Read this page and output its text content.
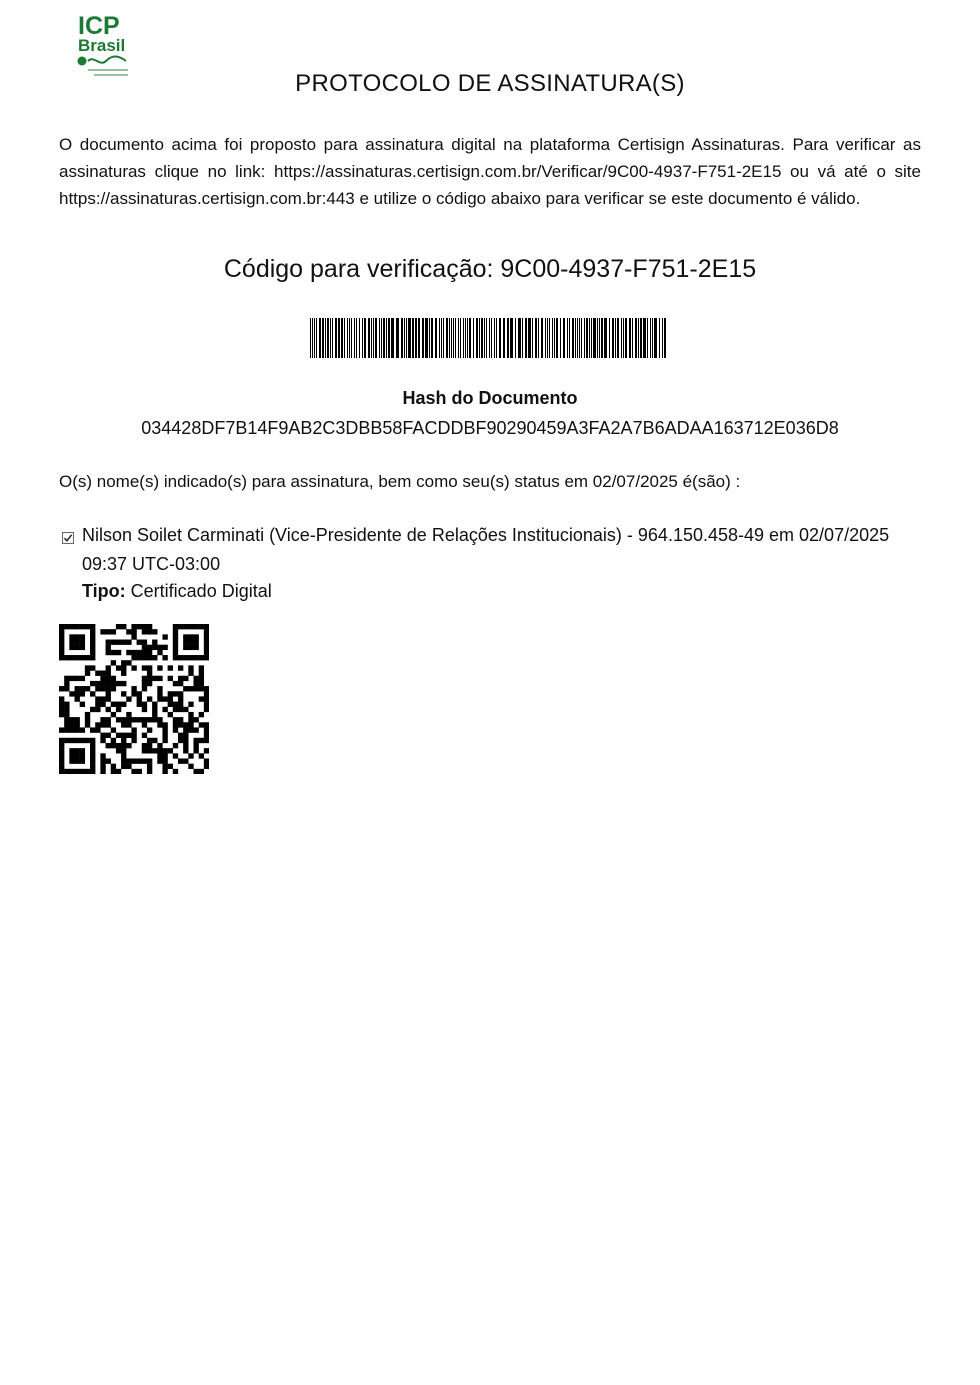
ICP
Brasil
PROTOCOLO DE ASSINATURA(S)
O documento acima foi proposto para assinatura digital na plataforma Certisign Assinaturas. Para verificar as assinaturas clique no link: https://assinaturas.certisign.com.br/Verificar/9C00-4937-F751-2E15 ou vá até o site https://assinaturas.certisign.com.br:443 e utilize o código abaixo para verificar se este documento é válido.
Código para verificação: 9C00-4937-F751-2E15
Hash do Documento
034428DF7B14F9AB2C3DBB58FACDDBF90290459A3FA2A7B6ADAA163712E036D8
O(s) nome(s) indicado(s) para assinatura, bem como seu(s) status em 02/07/2025 é(são) :
Nilson Soilet Carminati (Vice-Presidente de Relações Institucionais) - 964.150.458-49 em 02/07/2025 09:37 UTC-03:00
Tipo: Certificado Digital
